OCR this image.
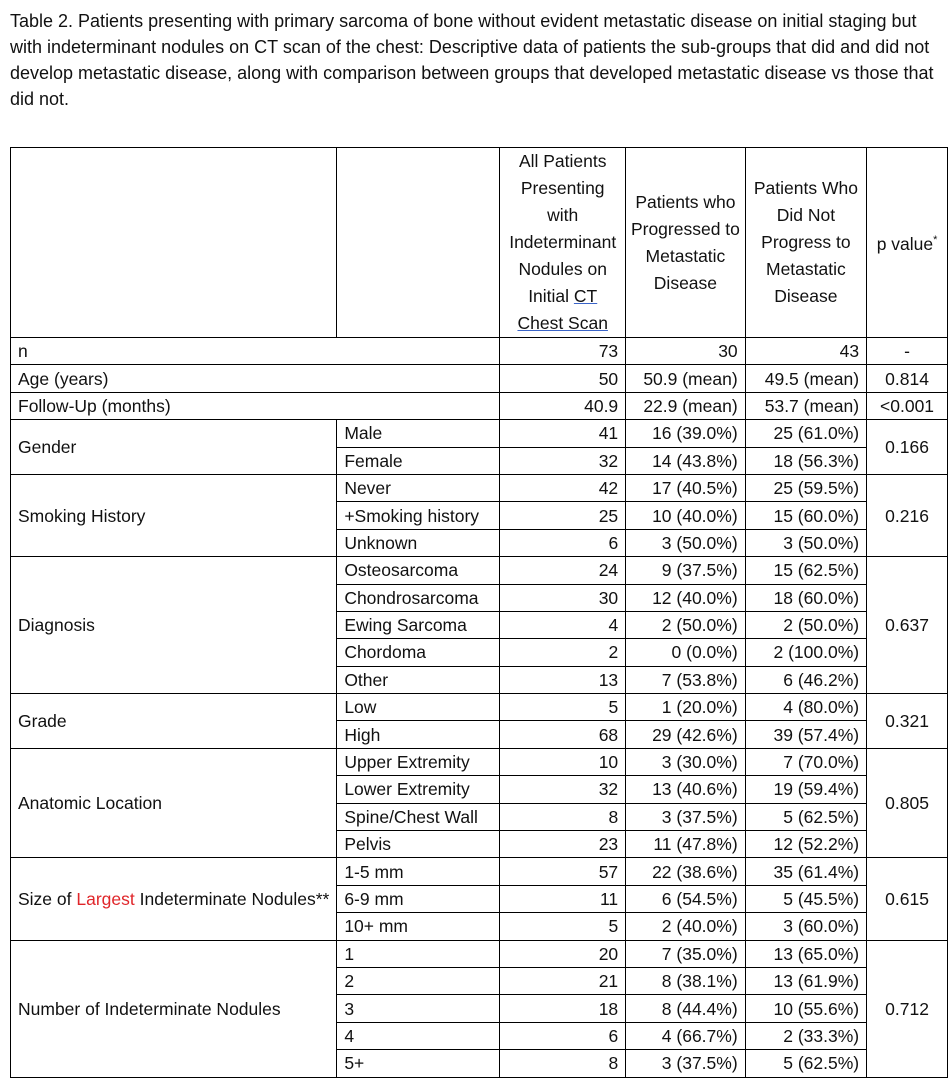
Table 2. Patients presenting with primary sarcoma of bone without evident metastatic disease on initial staging but with indeterminant nodules on CT scan of the chest: Descriptive data of patients the sub-groups that did and did not develop metastatic disease, along with comparison between groups that developed metastatic disease vs those that did not.

		All Patients Presenting with Indeterminant Nodules on Initial CT Chest Scan	Patients who Progressed to Metastatic Disease	Patients Who Did Not Progress to Metastatic Disease	p value*
n		73	30	43	-
Age (years)		50	50.9 (mean)	49.5 (mean)	0.814
Follow-Up (months)		40.9	22.9 (mean)	53.7 (mean)	<0.001
Gender	Male	41	16 (39.0%)	25 (61.0%)	0.166
	Female	32	14 (43.8%)	18 (56.3%)	
Smoking History	Never	42	17 (40.5%)	25 (59.5%)	0.216
	+Smoking history	25	10 (40.0%)	15 (60.0%)	
	Unknown	6	3 (50.0%)	3 (50.0%)	
Diagnosis	Osteosarcoma	24	9 (37.5%)	15 (62.5%)	0.637
	Chondrosarcoma	30	12 (40.0%)	18 (60.0%)	
	Ewing Sarcoma	4	2 (50.0%)	2 (50.0%)	
	Chordoma	2	0 (0.0%)	2 (100.0%)	
	Other	13	7 (53.8%)	6 (46.2%)	
Grade	Low	5	1 (20.0%)	4 (80.0%)	0.321
	High	68	29 (42.6%)	39 (57.4%)	
Anatomic Location	Upper Extremity	10	3 (30.0%)	7 (70.0%)	0.805
	Lower Extremity	32	13 (40.6%)	19 (59.4%)	
	Spine/Chest Wall	8	3 (37.5%)	5 (62.5%)	
	Pelvis	23	11 (47.8%)	12 (52.2%)	
Size of Largest Indeterminate Nodules**	1-5 mm	57	22 (38.6%)	35 (61.4%)	0.615
	6-9 mm	11	6 (54.5%)	5 (45.5%)	
	10+ mm	5	2 (40.0%)	3 (60.0%)	
Number of Indeterminate Nodules	1	20	7 (35.0%)	13 (65.0%)	0.712
	2	21	8 (38.1%)	13 (61.9%)	
	3	18	8 (44.4%)	10 (55.6%)	
	4	6	4 (66.7%)	2 (33.3%)	
	5+	8	3 (37.5%)	5 (62.5%)	
